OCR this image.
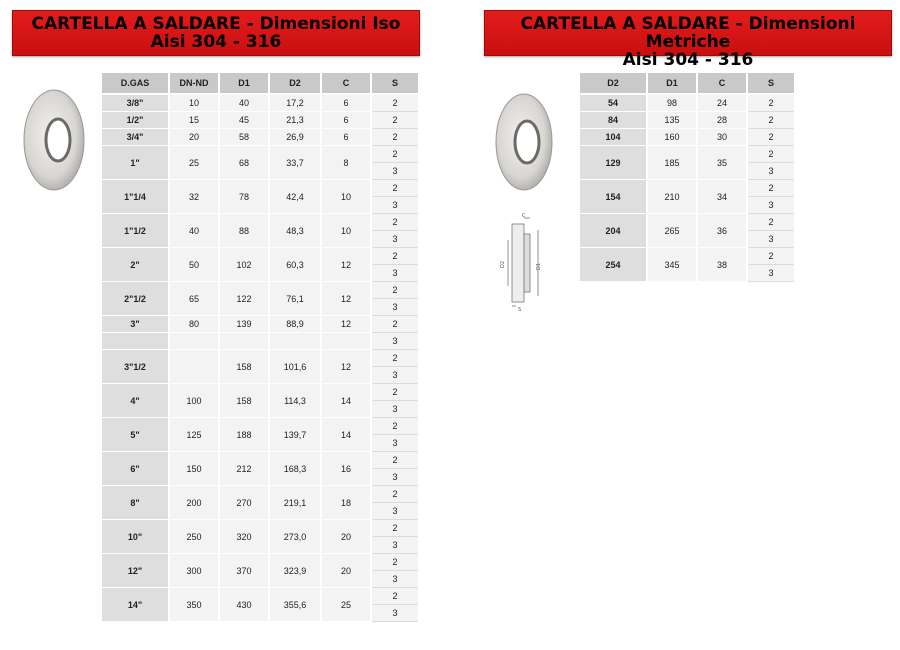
CARTELLA A SALDARE - Dimensioni Iso
Aisi 304 - 316
CARTELLA A SALDARE - Dimensioni Metriche
Aisi 304 - 316
C
D2	D1
S
D.GAS	DN-ND	D1	D2	C	S
3/8"	10	40	17,2	6	2
1/2"	15	45	21,3	6	2
3/4"	20	58	26,9	6	2
1"	25	68	33,7	8	2
					3
1"1/4	32	78	42,4	10	2
					3
1"1/2	40	88	48,3	10	2
					3
2"	50	102	60,3	12	2
					3
2"1/2	65	122	76,1	12	2
					3
3"	80	139	88,9	12	2
					3
3"1/2		158	101,6	12	2
					3
4"	100	158	114,3	14	2
					3
5"	125	188	139,7	14	2
					3
6"	150	212	168,3	16	2
					3
8"	200	270	219,1	18	2
					3
10"	250	320	273,0	20	2
					3
12"	300	370	323,9	20	2
					3
14"	350	430	355,6	25	2
					3
D2	D1	C	S
54	98	24	2
84	135	28	2
104	160	30	2
129	185	35	2
			3
154	210	34	2
			3
204	265	36	2
			3
254	345	38	2
			3
